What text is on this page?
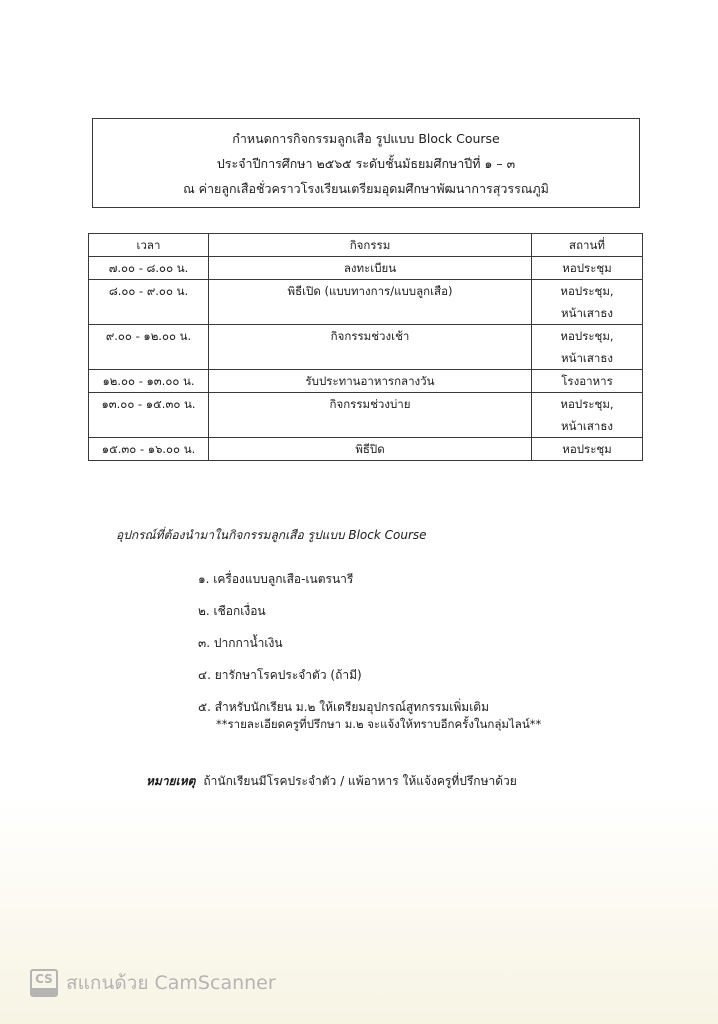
กำหนดการกิจกรรมลูกเสือ รูปแบบ Block Course
ประจำปีการศึกษา ๒๕๖๕ ระดับชั้นมัธยมศึกษาปีที่ ๑ – ๓
ณ ค่ายลูกเสือชั่วคราวโรงเรียนเตรียมอุดมศึกษาพัฒนาการสุวรรณภูมิ
เวลา	กิจกรรม	สถานที่
๗.๐๐ - ๘.๐๐ น.	ลงทะเบียน	หอประชุม

๘.๐๐ - ๙.๐๐ น.	พิธีเปิด (แบบทางการ/แบบลูกเสือ)	หอประชุม,
หน้าเสาธง

๙.๐๐ - ๑๒.๐๐ น.	กิจกรรมช่วงเช้า	หอประชุม,
หน้าเสาธง

๑๒.๐๐ - ๑๓.๐๐ น.	รับประทานอาหารกลางวัน	โรงอาหาร

๑๓.๐๐ - ๑๕.๓๐ น.	กิจกรรมช่วงบ่าย	หอประชุม,
หน้าเสาธง

๑๕.๓๐ - ๑๖.๐๐ น.	พิธีปิด	หอประชุม
อุปกรณ์ที่ต้องนำมาในกิจกรรมลูกเสือ รูปแบบ Block Course
๑. เครื่องแบบลูกเสือ-เนตรนารี
๒. เชือกเงื่อน
๓. ปากกาน้ำเงิน
๔. ยารักษาโรคประจำตัว (ถ้ามี)
๕. สำหรับนักเรียน ม.๒ ให้เตรียมอุปกรณ์สูทกรรมเพิ่มเติม
**รายละเอียดครูที่ปรึกษา ม.๒ จะแจ้งให้ทราบอีกครั้งในกลุ่มไลน์**
หมายเหตุ ถ้านักเรียนมีโรคประจำตัว / แพ้อาหาร ให้แจ้งครูที่ปรึกษาด้วย
CS สแกนด้วย CamScanner
